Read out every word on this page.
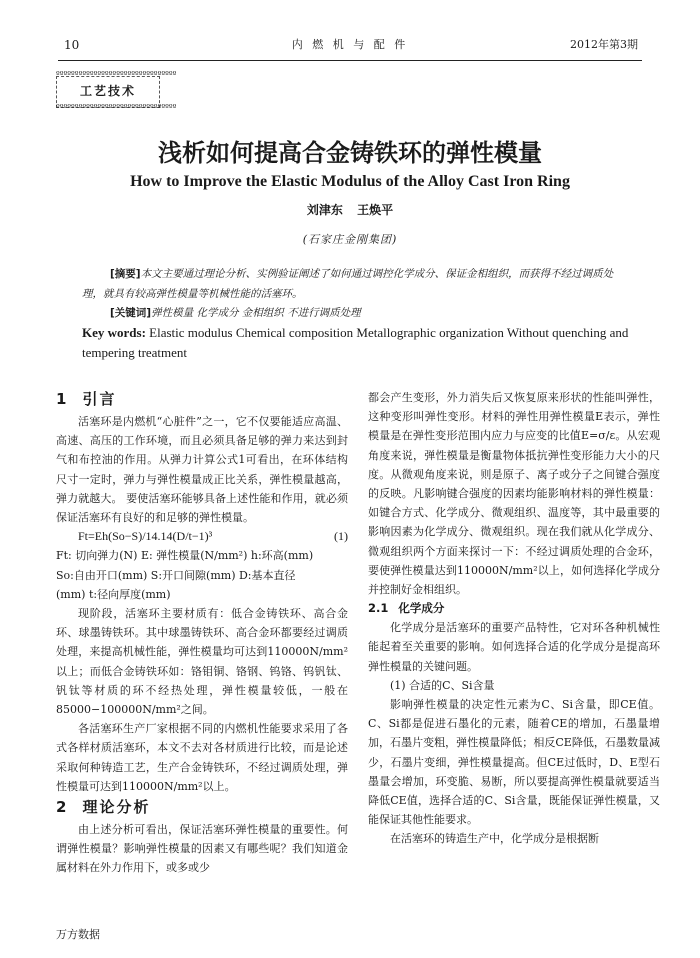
10	内 燃 机 与 配 件	2012年第3期
ºººººººººººººººººººººººººººººººº
工艺技术
ºººººººººººººººººººººººººººººººº
浅析如何提高合金铸铁环的弹性模量
How to Improve the Elastic Modulus of the Alloy Cast Iron Ring
刘津东 王焕平
(石家庄金刚集团)
[摘要]本文主要通过理论分析、实例验证阐述了如何通过调控化学成分、保证金相组织，而获得不经过调质处理，就具有较高弹性模量等机械性能的活塞环。
[关键词]弹性模量 化学成分 金相组织 不进行调质处理
Key words: Elastic modulus Chemical composition Metallographic organization Without quenching and tempering treatment
1 引言

活塞环是内燃机“心脏件”之一，它不仅要能适应高温、高速、高压的工作环境，而且必须具备足够的弹力来达到封气和布控油的作用。从弹力计算公式1可看出，在环体结构尺寸一定时，弹力与弹性模量成正比关系，弹性模量越高，弹力就越大。 要使活塞环能够具备上述性能和作用，就必须保证活塞环有良好的和足够的弹性模量。

Ft=Eh(So−S)/14.14(D/t−1)³	(1)

Ft: 切向弹力(N) E: 弹性模量(N/mm²) h:环高(mm)

So:自由开口(mm) S:开口间隙(mm) D:基本直径

(mm) t:径向厚度(mm)

现阶段，活塞环主要材质有：低合金铸铁环、高合金环、球墨铸铁环。其中球墨铸铁环、高合金环都要经过调质处理，来提高机械性能，弹性模量均可达到110000N/mm²以上；而低合金铸铁环如：铬钼铜、铬钢、钨铬、钨钒钛、钒钛等材质的环不经热处理，弹性模量较低，一般在85000−100000N/mm²之间。

各活塞环生产厂家根据不同的内燃机性能要求采用了各式各样材质活塞环，本文不去对各材质进行比较，而是论述采取何种铸造工艺，生产合金铸铁环，不经过调质处理，弹性模量可达到110000N/mm²以上。

2 理论分析

由上述分析可看出，保证活塞环弹性模量的重要性。何谓弹性模量？影响弹性模量的因素又有哪些呢？我们知道金属材料在外力作用下，或多或少

都会产生变形，外力消失后又恢复原来形状的性能叫弹性，这种变形叫弹性变形。材料的弹性用弹性模量E表示，弹性模量是在弹性变形范围内应力与应变的比值E=σ/ε。从宏观角度来说，弹性模量是衡量物体抵抗弹性变形能力大小的尺度。从微观角度来说，则是原子、离子或分子之间键合强度的反映。凡影响键合强度的因素均能影响材料的弹性模量：如键合方式、化学成分、微观组织、温度等，其中最重要的影响因素为化学成分、微观组织。现在我们就从化学成分、微观组织两个方面来探讨一下：不经过调质处理的合金环，要使弹性模量达到110000N/mm²以上，如何选择化学成分并控制好金相组织。

2.1 化学成分

化学成分是活塞环的重要产品特性，它对环各种机械性能起着至关重要的影响。如何选择合适的化学成分是提高环弹性模量的关键问题。

(1) 合适的C、Si含量

影响弹性模量的决定性元素为C、Si含量，即CE值。C、Si都是促进石墨化的元素，随着CE的增加，石墨量增加，石墨片变粗，弹性模量降低；相反CE降低，石墨数量减少，石墨片变细，弹性模量提高。但CE过低时，D、E型石墨量会增加，环变脆、易断，所以要提高弹性模量就要适当降低CE值，选择合适的C、Si含量，既能保证弹性模量，又能保证其他性能要求。

在活塞环的铸造生产中，化学成分是根据断

万方数据
